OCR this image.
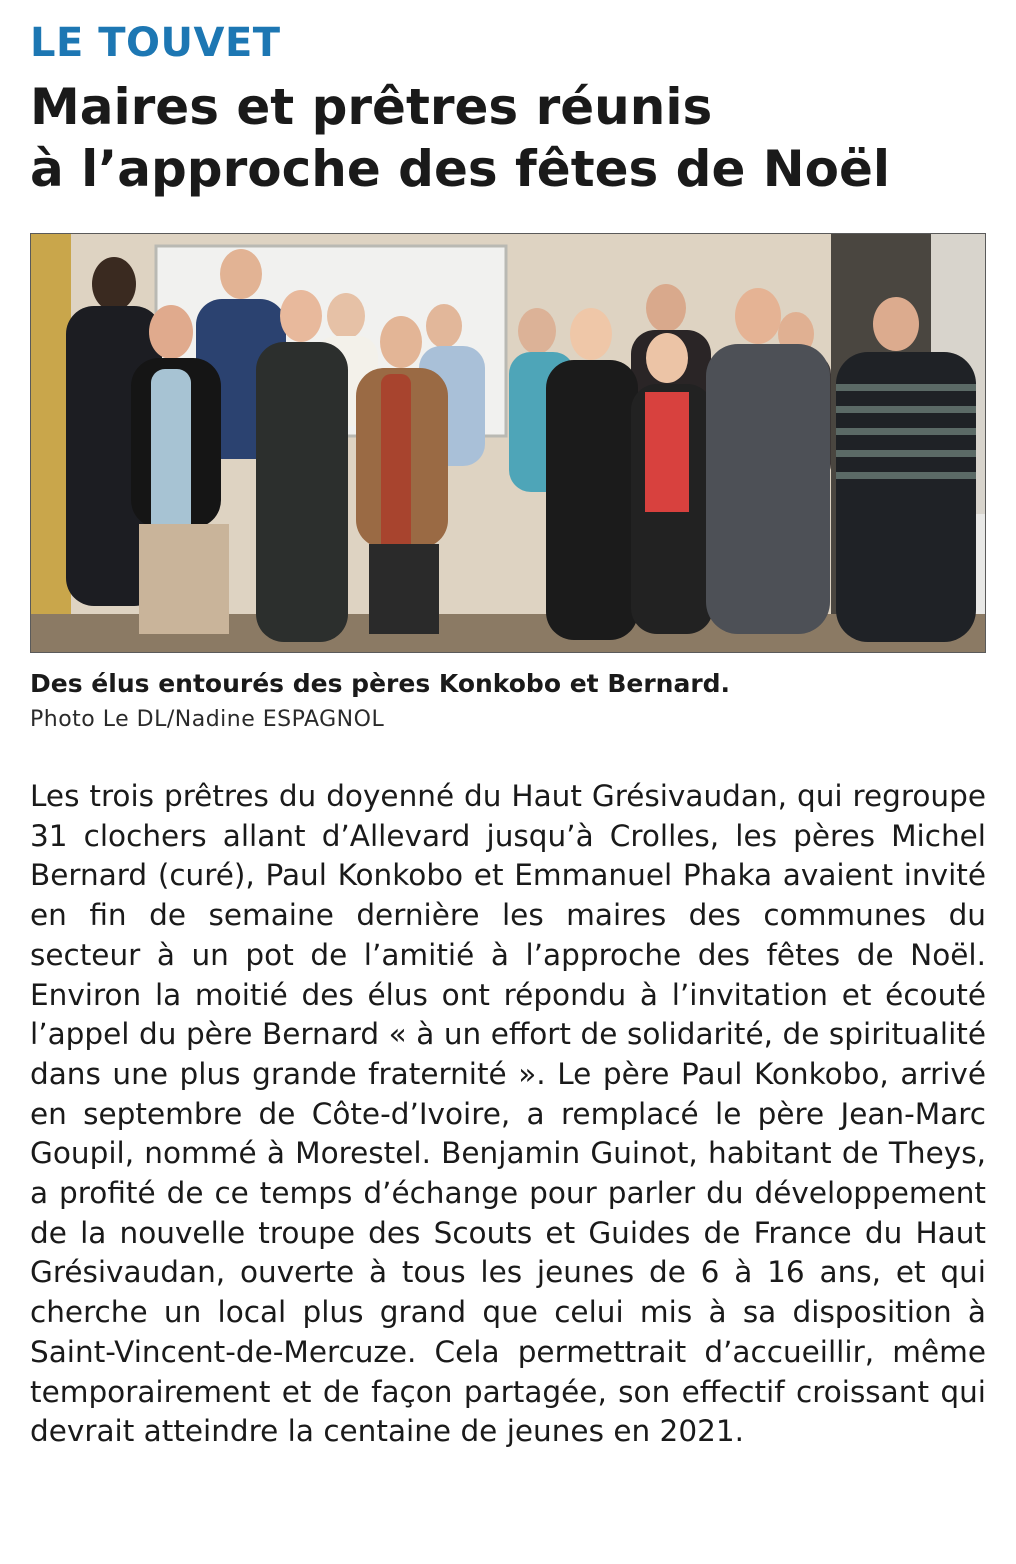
LE TOUVET
Maires et prêtres réunis
à l’approche des fêtes de Noël

Des élus entourés des pères Konkobo et Bernard.

Photo Le DL/Nadine ESPAGNOL

Les trois prêtres du doyenné du Haut Grésivaudan, qui regroupe 31 clochers allant d’Allevard jusqu’à Crolles, les pères Michel Bernard (curé), Paul Konkobo et Emmanuel Phaka avaient invité en fin de semaine dernière les maires des communes du secteur à un pot de l’amitié à l’approche des fêtes de Noël. Environ la moitié des élus ont répondu à l’invitation et écouté l’appel du père Bernard « à un effort de solidarité, de spiritualité dans une plus grande fraternité ». Le père Paul Konkobo, arrivé en septembre de Côte-d’Ivoire, a remplacé le père Jean-Marc Goupil, nommé à Morestel. Benjamin Guinot, habitant de Theys, a profité de ce temps d’échange pour parler du développement de la nouvelle troupe des Scouts et Guides de France du Haut Grésivaudan, ouverte à tous les jeunes de 6 à 16 ans, et qui cherche un local plus grand que celui mis à sa disposition à Saint-Vincent-de-Mercuze. Cela permettrait d’accueillir, même temporairement et de façon partagée, son effectif croissant qui devrait atteindre la centaine de jeunes en 2021.
